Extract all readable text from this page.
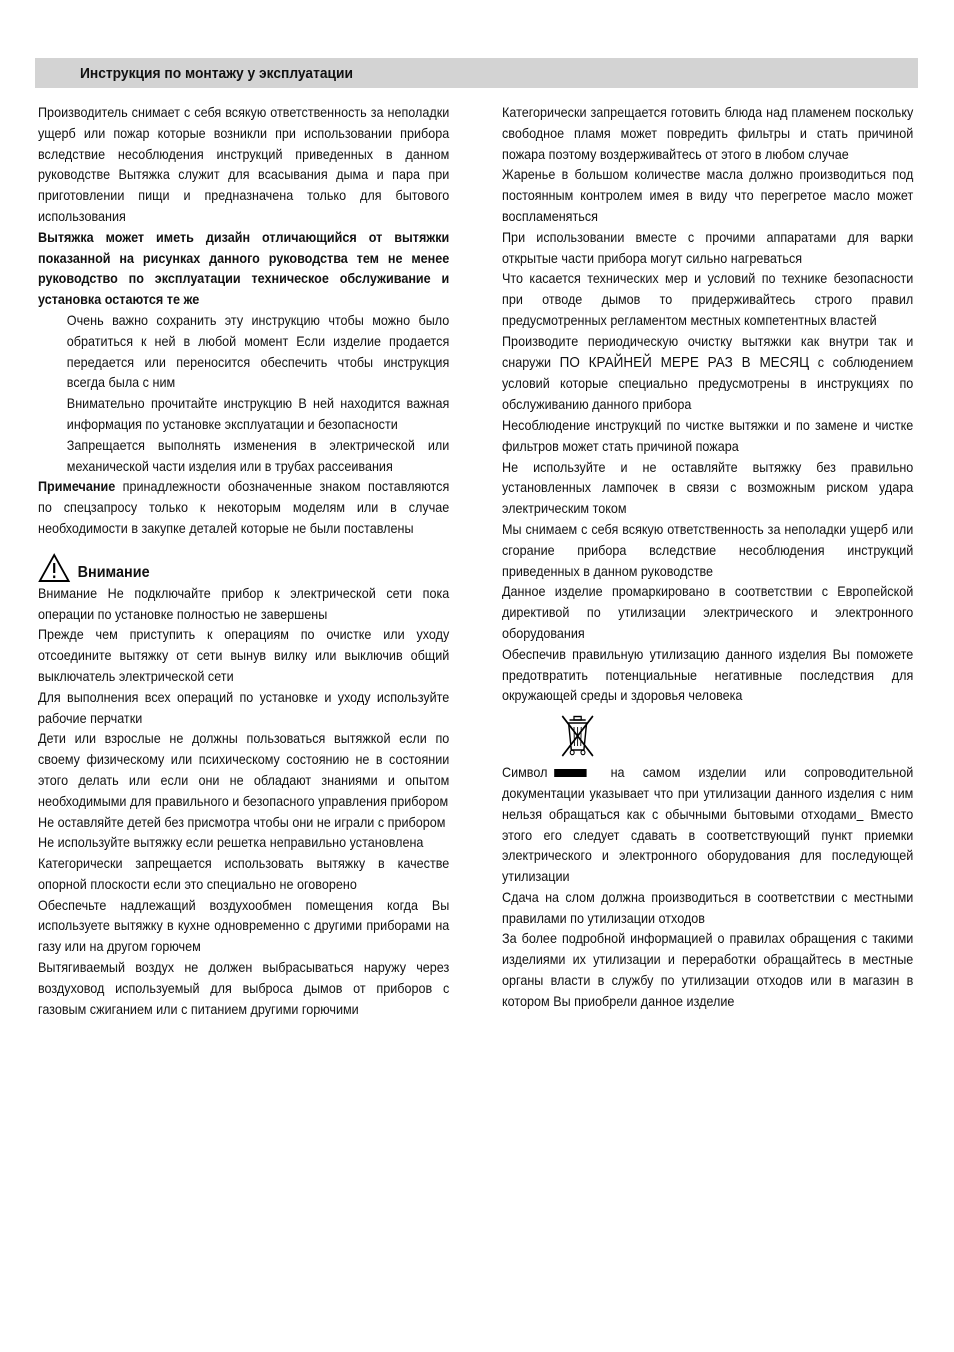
Инструкция по монтажу у эксплуатации

Производитель снимает с себя всякую ответственность за неполадки ущерб или пожар которые возникли при использовании прибора вследствие несоблюдения инструкций приведенных в данном руководстве Вытяжка служит для всасывания дыма и пара при приготовлении пищи и предназначена только для бытового использования

Вытяжка может иметь дизайн отличающийся от вытяжки показанной на рисунках данного руководства тем не менее руководство по эксплуатации техническое обслуживание и установка остаются те же

Очень важно сохранить эту инструкцию чтобы можно было обратиться к ней в любой момент Если изделие продается передается или переносится обеспечить чтобы инструкция всегда была с ним

Внимательно прочитайте инструкцию В ней находится важная информация по установке эксплуатации и безопасности

Запрещается выполнять изменения в электрической или механической части изделия или в трубах рассеивания

Примечание принадлежности обозначенные знаком поставляются по спецзапросу только к некоторым моделям или в случае необходимости в закупке деталей которые не были поставлены

Внимание

Внимание Не подключайте прибор к электрической сети пока операции по установке полностью не завершены

Прежде чем приступить к операциям по очистке или уходу отсоедините вытяжку от сети вынув вилку или выключив общий выключатель электрической сети

Для выполнения всех операций по установке и уходу используйте рабочие перчатки

Дети или взрослые не должны пользоваться вытяжкой если по своему физическому или психическому состоянию не в состоянии этого делать или если они не обладают знаниями и опытом необходимыми для правильного и безопасного управления прибором

Не оставляйте детей без присмотра чтобы они не играли с прибором

Не используйте вытяжку если решетка неправильно установлена

Категорически запрещается использовать вытяжку в качестве опорной плоскости если это специально не оговорено

Обеспечьте надлежащий воздухообмен помещения когда Вы используете вытяжку в кухне одновременно с другими приборами на газу или на другом горючем

Вытягиваемый воздух не должен выбрасываться наружу через воздуховод используемый для выброса дымов от приборов с газовым сжиганием или с питанием другими горючими

Категорически запрещается готовить блюда над пламенем поскольку свободное пламя может повредить фильтры и стать причиной пожара поэтому воздерживайтесь от этого в любом случае

Жаренье в большом количестве масла должно производиться под постоянным контролем имея в виду что перегретое масло может воспламеняться

При использовании вместе с прочими аппаратами для варки открытые части прибора могут сильно нагреваться

Что касается технических мер и условий по технике безопасности при отводе дымов то придерживайтесь строго правил предусмотренных регламентом местных компетентных властей

Производите периодическую очистку вытяжки как внутри так и снаружи ПО КРАЙНЕЙ МЕРЕ РАЗ В МЕСЯЦ с соблюдением условий которые специально предусмотрены в инструкциях по обслуживанию данного прибора

Несоблюдение инструкций по чистке вытяжки и по замене и чистке фильтров может стать причиной пожара

Не используйте и не оставляйте вытяжку без правильно установленных лампочек в связи с возможным риском удара электрическим током

Мы снимаем с себя всякую ответственность за неполадки ущерб или сгорание прибора вследствие несоблюдения инструкций приведенных в данном руководстве

Данное изделие промаркировано в соответствии с Европейской директивой по утилизации электрического и электронного оборудования

Обеспечив правильную утилизацию данного изделия Вы поможете предотвратить потенциальные негативные последствия для окружающей среды и здоровья человека

Символ	на самом изделии или сопроводительной документации указывает что при утилизации данного изделия с ним нельзя обращаться как с обычными бытовыми отходами  Вместо этого его следует сдавать в соответствующий пункт приемки электрического и электронного оборудования для последующей утилизации

Сдача на слом должна производиться в соответствии с местными правилами по утилизации отходов

За более подробной информацией о правилах обращения с такими изделиями их утилизации и переработки обращайтесь в местные органы власти в службу по утилизации отходов или в магазин в котором Вы приобрели данное изделие
